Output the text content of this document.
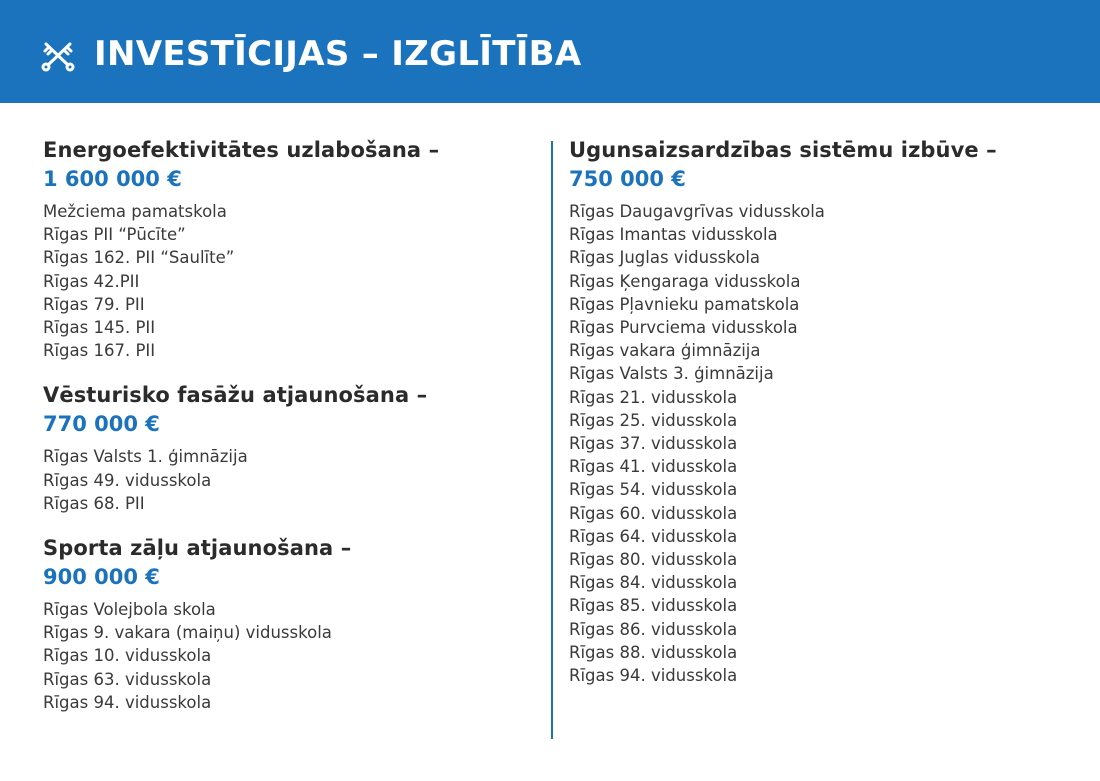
INVESTĪCIJAS – IZGLĪTĪBA
Energoefektivitātes uzlabošana –
1 600 000 €
Mežciema pamatskola
Rīgas PII “Pūcīte”
Rīgas 162. PII “Saulīte”
Rīgas 42.PII
Rīgas 79. PII
Rīgas 145. PII
Rīgas 167. PII
Vēsturisko fasāžu atjaunošana –
770 000 €
Rīgas Valsts 1. ģimnāzija
Rīgas 49. vidusskola
Rīgas 68. PII
Sporta zāļu atjaunošana –
900 000 €
Rīgas Volejbola skola
Rīgas 9. vakara (maiņu) vidusskola
Rīgas 10. vidusskola
Rīgas 63. vidusskola
Rīgas 94. vidusskola
Ugunsaizsardzības sistēmu izbūve –
750 000 €
Rīgas Daugavgrīvas vidusskola
Rīgas Imantas vidusskola
Rīgas Juglas vidusskola
Rīgas Ķengaraga vidusskola
Rīgas Pļavnieku pamatskola
Rīgas Purvciema vidusskola
Rīgas vakara ģimnāzija
Rīgas Valsts 3. ģimnāzija
Rīgas 21. vidusskola
Rīgas 25. vidusskola
Rīgas 37. vidusskola
Rīgas 41. vidusskola
Rīgas 54. vidusskola
Rīgas 60. vidusskola
Rīgas 64. vidusskola
Rīgas 80. vidusskola
Rīgas 84. vidusskola
Rīgas 85. vidusskola
Rīgas 86. vidusskola
Rīgas 88. vidusskola
Rīgas 94. vidusskola
